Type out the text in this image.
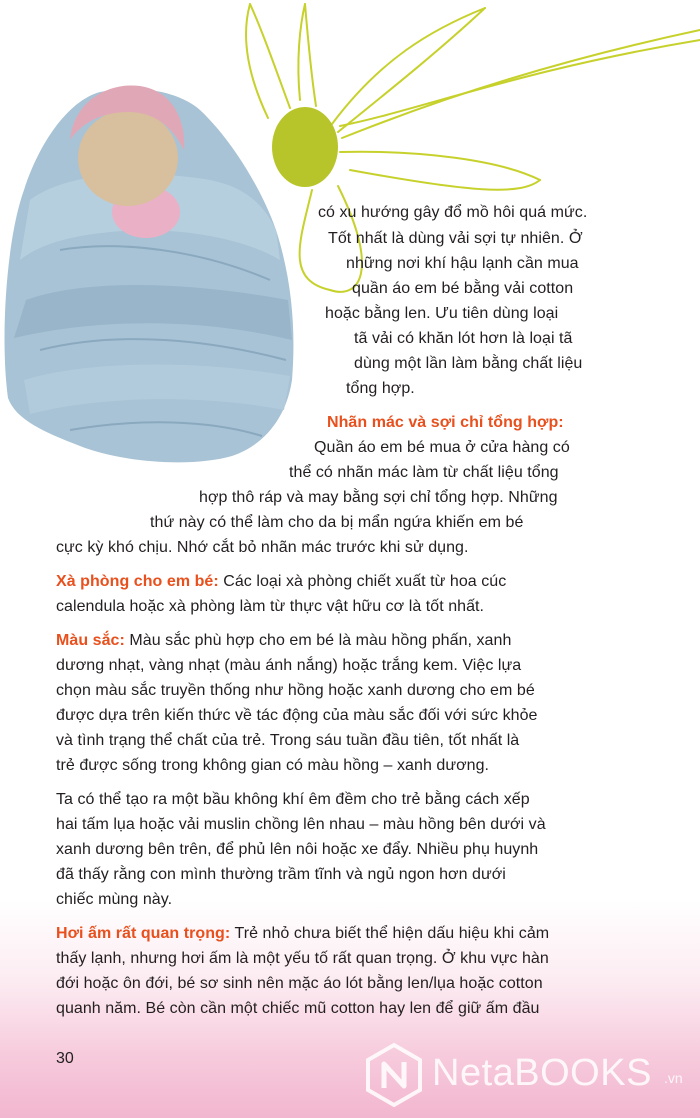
có xu hướng gây đổ mồ hôi quá mức.
Tốt nhất là dùng vải sợi tự nhiên. Ở
những nơi khí hậu lạnh cần mua
quần áo em bé bằng vải cotton
hoặc bằng len. Ưu tiên dùng loại
tã vải có khăn lót hơn là loại tã
dùng một lần làm bằng chất liệu
tổng hợp.
Nhãn mác và sợi chỉ tổng hợp:
Quần áo em bé mua ở cửa hàng có
thể có nhãn mác làm từ chất liệu tổng
hợp thô ráp và may bằng sợi chỉ tổng hợp. Những
thứ này có thể làm cho da bị mẩn ngứa khiến em bé
cực kỳ khó chịu. Nhớ cắt bỏ nhãn mác trước khi sử dụng.
Xà phòng cho em bé: Các loại xà phòng chiết xuất từ hoa cúc
calendula hoặc xà phòng làm từ thực vật hữu cơ là tốt nhất.
Màu sắc: Màu sắc phù hợp cho em bé là màu hồng phấn, xanh
dương nhạt, vàng nhạt (màu ánh nắng) hoặc trắng kem. Việc lựa
chọn màu sắc truyền thống như hồng hoặc xanh dương cho em bé
được dựa trên kiến thức về tác động của màu sắc đối với sức khỏe
và tình trạng thể chất của trẻ. Trong sáu tuần đầu tiên, tốt nhất là
trẻ được sống trong không gian có màu hồng – xanh dương.
Ta có thể tạo ra một bầu không khí êm đềm cho trẻ bằng cách xếp
hai tấm lụa hoặc vải muslin chồng lên nhau – màu hồng bên dưới và
xanh dương bên trên, để phủ lên nôi hoặc xe đẩy. Nhiều phụ huynh
đã thấy rằng con mình thường trầm tĩnh và ngủ ngon hơn dưới
chiếc mùng này.
Hơi ấm rất quan trọng: Trẻ nhỏ chưa biết thể hiện dấu hiệu khi cảm
thấy lạnh, nhưng hơi ấm là một yếu tố rất quan trọng. Ở khu vực hàn
đới hoặc ôn đới, bé sơ sinh nên mặc áo lót bằng len/lụa hoặc cotton
quanh năm. Bé còn cần một chiếc mũ cotton hay len để giữ ấm đầu
30	NetaBOOKS .vn
